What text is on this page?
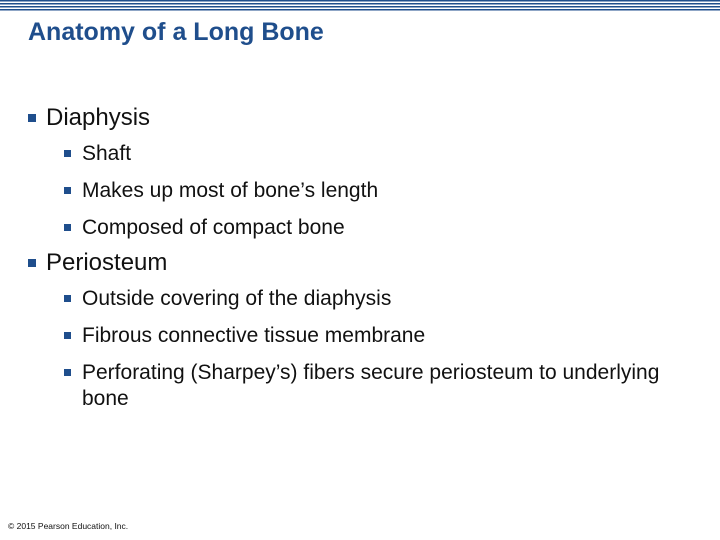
Anatomy of a Long Bone
Diaphysis
Shaft
Makes up most of bone’s length
Composed of compact bone
Periosteum
Outside covering of the diaphysis
Fibrous connective tissue membrane
Perforating (Sharpey’s) fibers secure periosteum to underlying bone
© 2015 Pearson Education, Inc.
